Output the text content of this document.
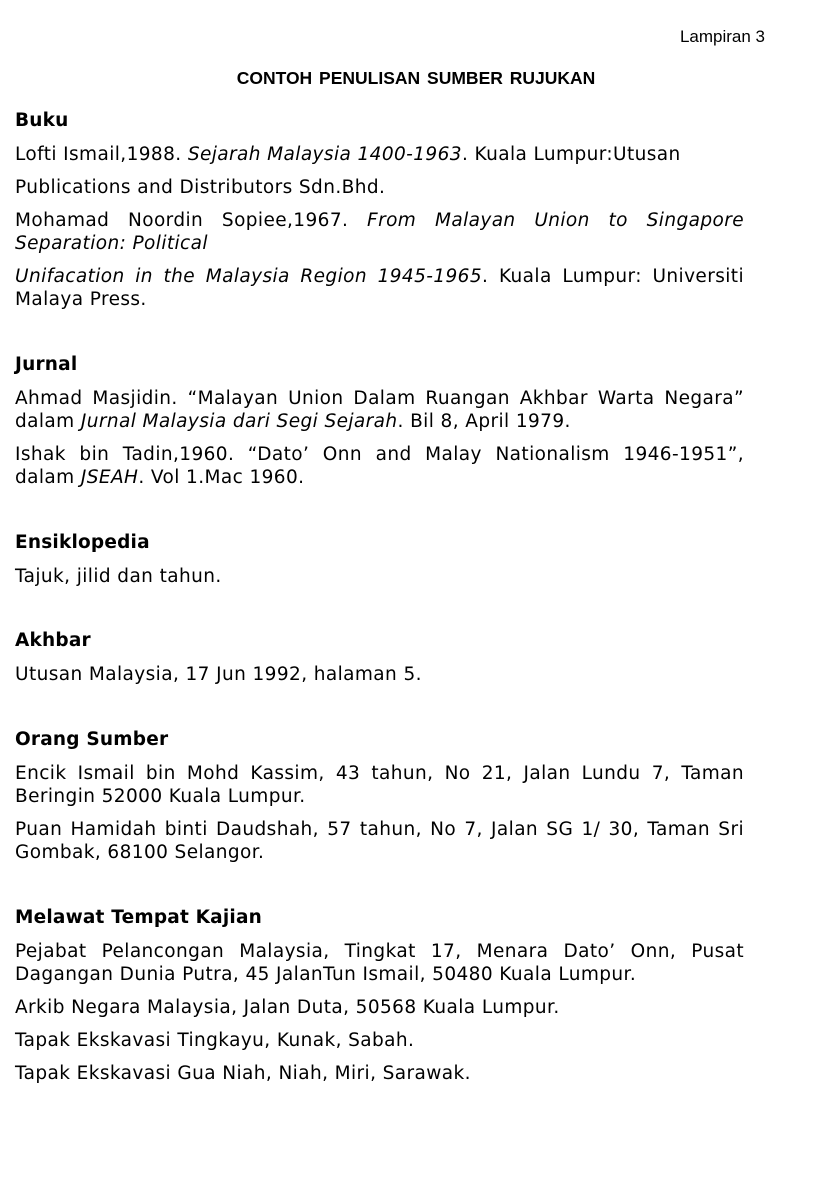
Lampiran 3
CONTOH PENULISAN SUMBER RUJUKAN
Buku
Lofti Ismail,1988. Sejarah Malaysia 1400-1963. Kuala Lumpur:Utusan
Publications and Distributors Sdn.Bhd.
Mohamad Noordin Sopiee,1967. From Malayan Union to Singapore Separation: Political
Unifacation in the Malaysia Region 1945-1965. Kuala Lumpur: Universiti Malaya Press.
Jurnal
Ahmad Masjidin. “Malayan Union Dalam Ruangan Akhbar Warta Negara” dalam Jurnal Malaysia dari Segi Sejarah. Bil 8, April 1979.
Ishak bin Tadin,1960. “Dato’ Onn and Malay Nationalism 1946-1951”, dalam JSEAH. Vol 1.Mac 1960.
Ensiklopedia
Tajuk, jilid dan tahun.
Akhbar
Utusan Malaysia, 17 Jun 1992, halaman 5.
Orang Sumber
Encik Ismail bin Mohd Kassim, 43 tahun, No 21, Jalan Lundu 7, Taman Beringin 52000 Kuala Lumpur.
Puan Hamidah binti Daudshah, 57 tahun, No 7, Jalan SG 1/ 30, Taman Sri Gombak, 68100 Selangor.
Melawat Tempat Kajian
Pejabat Pelancongan Malaysia, Tingkat 17, Menara Dato’ Onn, Pusat Dagangan Dunia Putra, 45 JalanTun Ismail, 50480 Kuala Lumpur.
Arkib Negara Malaysia, Jalan Duta, 50568 Kuala Lumpur.
Tapak Ekskavasi Tingkayu, Kunak, Sabah.
Tapak Ekskavasi Gua Niah, Niah, Miri, Sarawak.
